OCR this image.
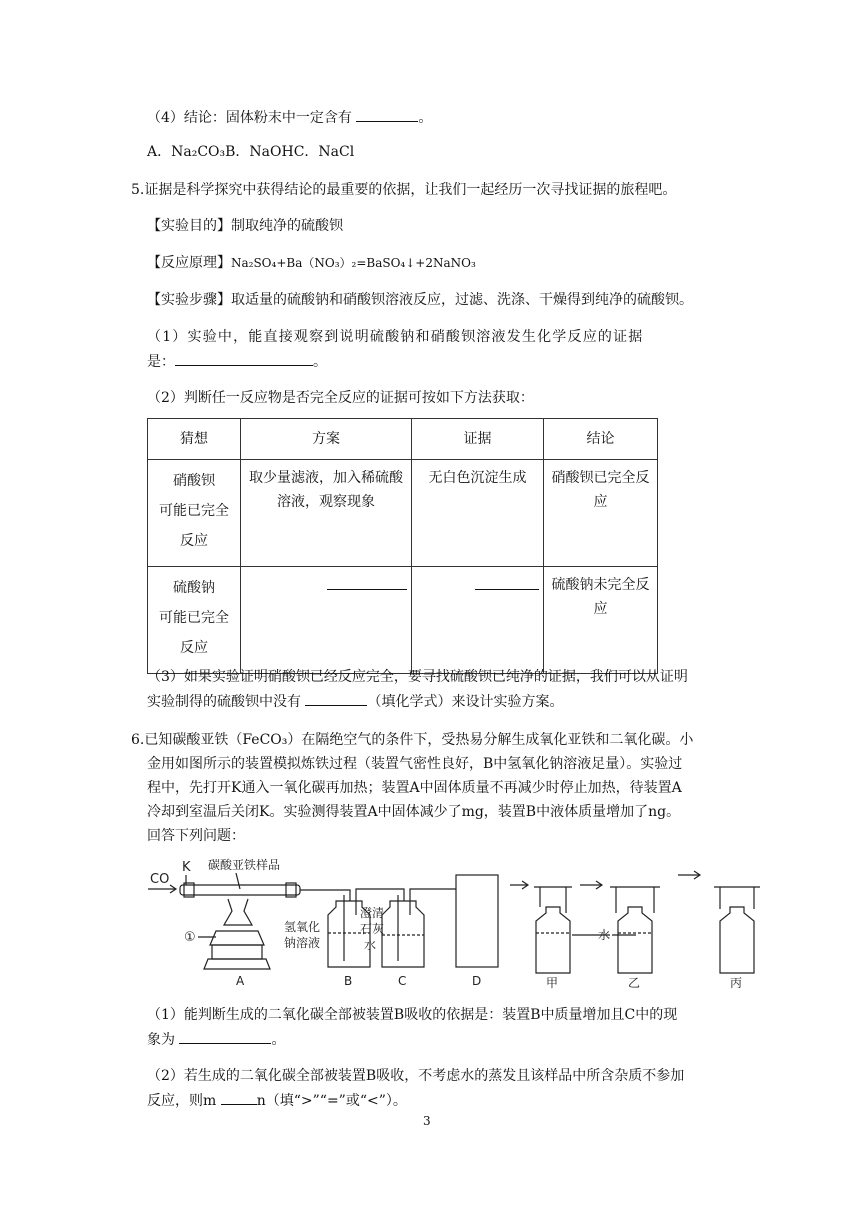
（4）结论：固体粉末中一定含有	。
A．Na₂CO₃B．NaOHC．NaCl
5.证据是科学探究中获得结论的最重要的依据，让我们一起经历一次寻找证据的旅程吧。
【实验目的】制取纯净的硫酸钡
【反应原理】Na₂SO₄+Ba（NO₃）₂=BaSO₄↓+2NaNO₃
【实验步骤】取适量的硫酸钠和硝酸钡溶液反应，过滤、洗涤、干燥得到纯净的硫酸钡。
（1）实验中，能直接观察到说明硫酸钠和硝酸钡溶液发生化学反应的证据
是：	。
（2）判断任一反应物是否完全反应的证据可按如下方法获取：
猜想	方案	证据	结论

硝酸钡
可能已完全
反应	取少量滤液，加入稀硫酸溶液，观察现象	无白色沉淀生成	硝酸钡已完全反应

硫酸钠
可能已完全
反应			硫酸钠未完全反应
（3）如果实验证明硝酸钡已经反应完全，要寻找硫酸钡已纯净的证据，我们可以从证明
实验制得的硫酸钡中没有	（填化学式）来设计实验方案。
6.已知碳酸亚铁（FeCO₃）在隔绝空气的条件下，受热易分解生成氧化亚铁和二氧化碳。小
金用如图所示的装置模拟炼铁过程（装置气密性良好，B中氢氧化钠溶液足量）。实验过
程中，先打开K通入一氧化碳再加热；装置A中固体质量不再减少时停止加热，待装置A
冷却到室温后关闭K。实验测得装置A中固体减少了mg，装置B中液体质量增加了ng。
回答下列问题：
CO
K 碳酸亚铁样品
①
A
氢氧化
钠溶液
B
澄清
石灰
水
C	D	甲
水
乙	丙
（1）能判断生成的二氧化碳全部被装置B吸收的依据是：装置B中质量增加且C中的现
象为	。
（2）若生成的二氧化碳全部被装置B吸收，不考虑水的蒸发且该样品中所含杂质不参加
反应，则m	n（填“>”“=”或“<”）。
3
